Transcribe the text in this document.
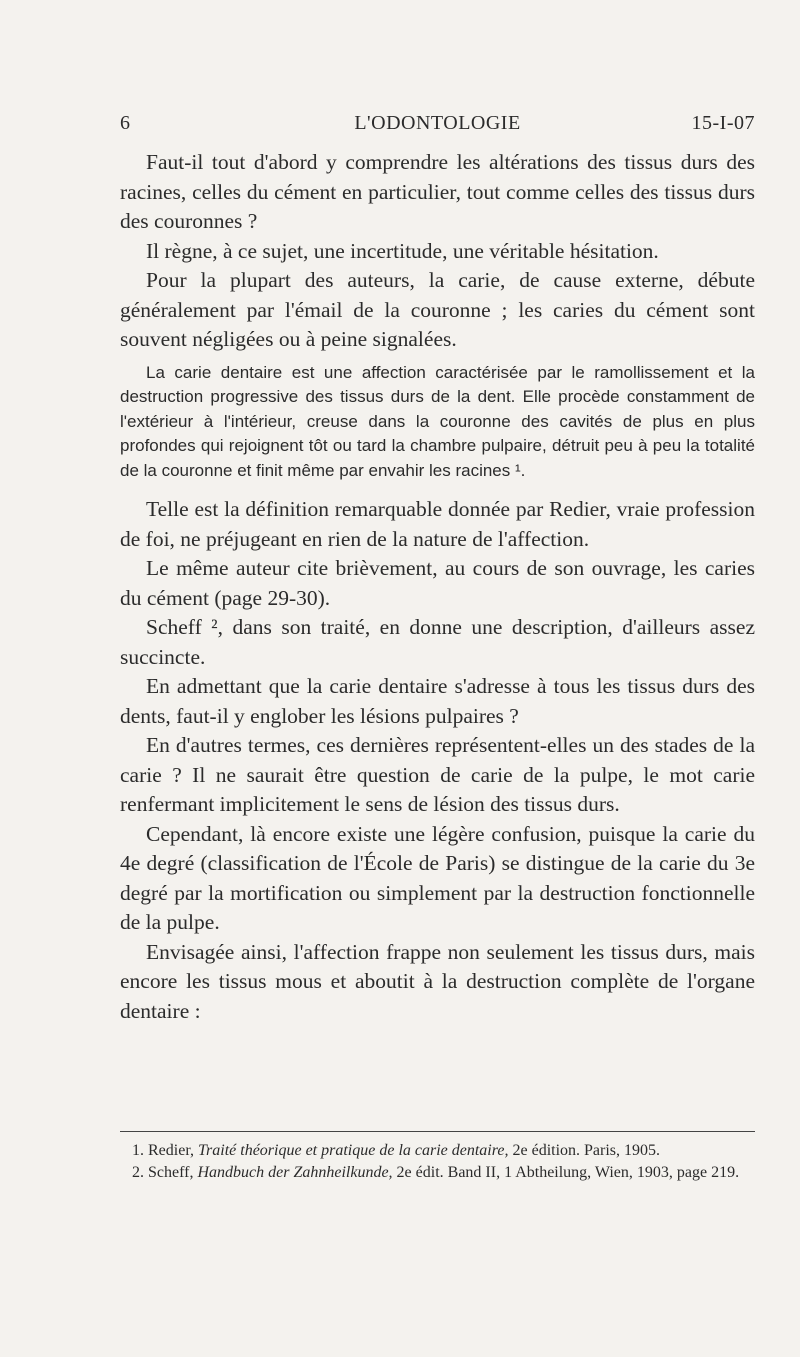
6	L'ODONTOLOGIE	15-I-07

Faut-il tout d'abord y comprendre les altérations des tissus durs des racines, celles du cément en particulier, tout comme celles des tissus durs des couronnes ?

Il règne, à ce sujet, une incertitude, une véritable hésitation.

Pour la plupart des auteurs, la carie, de cause externe, débute généralement par l'émail de la couronne ; les caries du cément sont souvent négligées ou à peine signalées.

La carie dentaire est une affection caractérisée par le ramollissement et la destruction progressive des tissus durs de la dent. Elle procède constamment de l'extérieur à l'intérieur, creuse dans la couronne des cavités de plus en plus profondes qui rejoignent tôt ou tard la chambre pulpaire, détruit peu à peu la totalité de la couronne et finit même par envahir les racines ¹.

Telle est la définition remarquable donnée par Redier, vraie profession de foi, ne préjugeant en rien de la nature de l'affection.

Le même auteur cite brièvement, au cours de son ouvrage, les caries du cément (page 29-30).

Scheff ², dans son traité, en donne une description, d'ailleurs assez succincte.

En admettant que la carie dentaire s'adresse à tous les tissus durs des dents, faut-il y englober les lésions pulpaires ?

En d'autres termes, ces dernières représentent-elles un des stades de la carie ? Il ne saurait être question de carie de la pulpe, le mot carie renfermant implicitement le sens de lésion des tissus durs.

Cependant, là encore existe une légère confusion, puisque la carie du 4e degré (classification de l'École de Paris) se distingue de la carie du 3e degré par la mortification ou simplement par la destruction fonctionnelle de la pulpe.

Envisagée ainsi, l'affection frappe non seulement les tissus durs, mais encore les tissus mous et aboutit à la destruction complète de l'organe dentaire :

1. Redier, Traité théorique et pratique de la carie dentaire, 2e édition. Paris, 1905.

2. Scheff, Handbuch der Zahnheilkunde, 2e édit. Band II, 1 Abtheilung, Wien, 1903, page 219.
